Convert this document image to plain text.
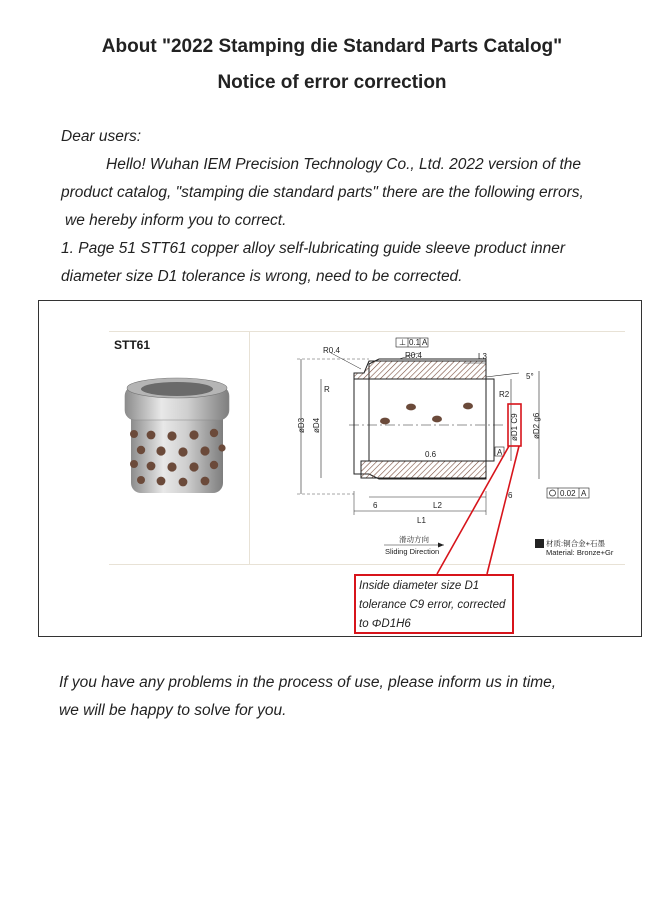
About "2022 Stamping die Standard Parts Catalog"
Notice of error correction
Dear users:
Hello! Wuhan IEM Precision Technology Co., Ltd. 2022 version of the
product catalog, "stamping die standard parts" there are the following errors,
we hereby inform you to correct.
1. Page 51 STT61 copper alloy self-lubricating guide sleeve product inner
diameter size D1 tolerance is wrong, need to be corrected.
STT61	R0.4
R0.4
⊥ 0.1 A
L3
5°
R
R2
øD3 øD4	øD1 C9 øD2 g6
0.6	A
6
6
L2
L1
0.02 A
滑动方向
Sliding Direction
材质:铜合金+石墨
Material: Bronze+Gr
Inside diameter size D1
tolerance C9 error, corrected
to ΦD1H6
If you have any problems in the process of use, please inform us in time,
we will be happy to solve for you.
